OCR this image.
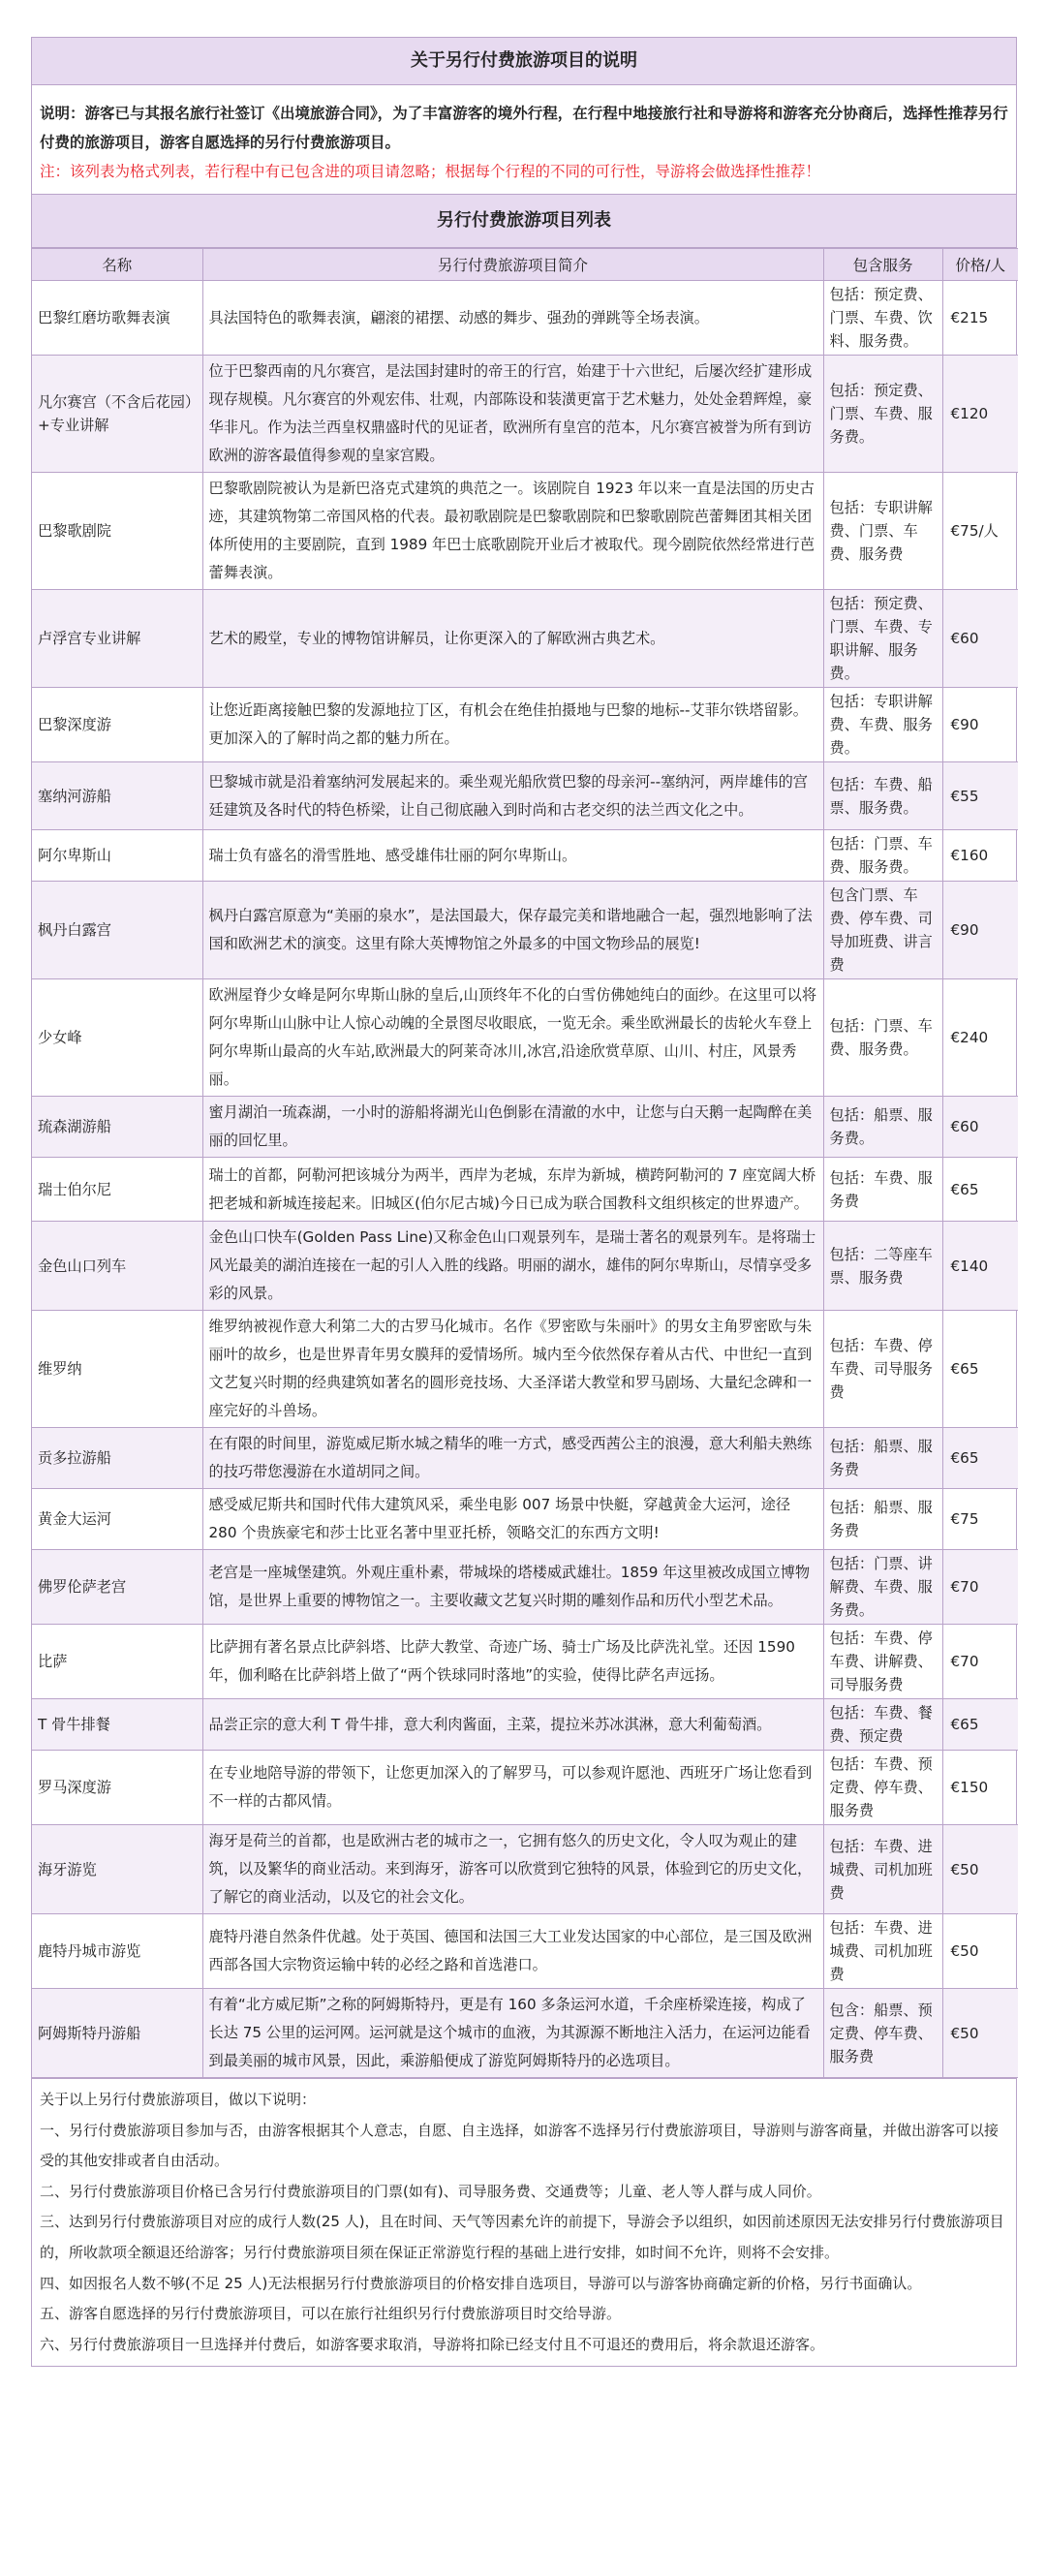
关于另行付费旅游项目的说明
说明：游客已与其报名旅行社签订《出境旅游合同》，为了丰富游客的境外行程，在行程中地接旅行社和导游将和游客充分协商后，选择性推荐另行付费的旅游项目，游客自愿选择的另行付费旅游项目。
注：该列表为格式列表，若行程中有已包含进的项目请忽略；根据每个行程的不同的可行性，导游将会做选择性推荐！
另行付费旅游项目列表
名称	另行付费旅游项目简介	包含服务	价格/人
巴黎红磨坊歌舞表演	具法国特色的歌舞表演，翩滚的裙摆、动感的舞步、强劲的弹跳等全场表演。	包括：预定费、门票、车费、饮料、服务费。	€215
凡尔赛宫（不含后花园）+专业讲解	位于巴黎西南的凡尔赛宫，是法国封建时的帝王的行宫，始建于十六世纪，后屡次经扩建形成现存规模。凡尔赛宫的外观宏伟、壮观，内部陈设和装潢更富于艺术魅力，处处金碧辉煌，豪华非凡。作为法兰西皇权鼎盛时代的见证者，欧洲所有皇宫的范本，凡尔赛宫被誉为所有到访欧洲的游客最值得参观的皇家宫殿。	包括：预定费、门票、车费、服务费。	€120
巴黎歌剧院	巴黎歌剧院被认为是新巴洛克式建筑的典范之一。该剧院自 1923 年以来一直是法国的历史古迹，其建筑物第二帝国风格的代表。最初歌剧院是巴黎歌剧院和巴黎歌剧院芭蕾舞团其相关团体所使用的主要剧院，直到 1989 年巴士底歌剧院开业后才被取代。现今剧院依然经常进行芭蕾舞表演。	包括：专职讲解费、门票、车费、服务费	€75/人
卢浮宫专业讲解	艺术的殿堂，专业的博物馆讲解员，让你更深入的了解欧洲古典艺术。	包括：预定费、门票、车费、专职讲解、服务费。	€60
巴黎深度游	让您近距离接触巴黎的发源地拉丁区，有机会在绝佳拍摄地与巴黎的地标--艾菲尔铁塔留影。更加深入的了解时尚之都的魅力所在。	包括：专职讲解费、车费、服务费。	€90
塞纳河游船	巴黎城市就是沿着塞纳河发展起来的。乘坐观光船欣赏巴黎的母亲河--塞纳河，两岸雄伟的宫廷建筑及各时代的特色桥梁，让自己彻底融入到时尚和古老交织的法兰西文化之中。	包括：车费、船票、服务费。	€55
阿尔卑斯山	瑞士负有盛名的滑雪胜地、感受雄伟壮丽的阿尔卑斯山。	包括：门票、车费、服务费。	€160
枫丹白露宫	枫丹白露宫原意为“美丽的泉水”，是法国最大，保存最完美和谐地融合一起，强烈地影响了法国和欧洲艺术的演变。这里有除大英博物馆之外最多的中国文物珍品的展览!	包含门票、车费、停车费、司导加班费、讲言费	€90
少女峰	欧洲屋脊少女峰是阿尔卑斯山脉的皇后,山顶终年不化的白雪仿佛她纯白的面纱。在这里可以将阿尔卑斯山山脉中让人惊心动魄的全景图尽收眼底，一览无余。乘坐欧洲最长的齿轮火车登上阿尔卑斯山最高的火车站,欧洲最大的阿莱奇冰川,冰宫,沿途欣赏草原、山川、村庄，风景秀丽。	包括：门票、车费、服务费。	€240
琉森湖游船	蜜月湖泊一琉森湖，一小时的游船将湖光山色倒影在清澈的水中，让您与白天鹅一起陶醉在美丽的回忆里。	包括：船票、服务费。	€60
瑞士伯尔尼	瑞士的首都，阿勒河把该城分为两半，西岸为老城，东岸为新城，横跨阿勒河的 7 座宽阔大桥把老城和新城连接起来。旧城区(伯尔尼古城)今日已成为联合国教科文组织核定的世界遗产。	包括：车费、服务费	€65
金色山口列车	金色山口快车(Golden Pass Line)又称金色山口观景列车，是瑞士著名的观景列车。是将瑞士风光最美的湖泊连接在一起的引人入胜的线路。明丽的湖水，雄伟的阿尔卑斯山，尽情享受多彩的风景。	包括：二等座车票、服务费	€140
维罗纳	维罗纳被视作意大利第二大的古罗马化城市。名作《罗密欧与朱丽叶》的男女主角罗密欧与朱丽叶的故乡，也是世界青年男女膜拜的爱情场所。城内至今依然保存着从古代、中世纪一直到文艺复兴时期的经典建筑如著名的圆形竞技场、大圣泽诺大教堂和罗马剧场、大量纪念碑和一座完好的斗兽场。	包括：车费、停车费、司导服务费	€65
贡多拉游船	在有限的时间里，游览威尼斯水城之精华的唯一方式，感受西茜公主的浪漫，意大利船夫熟练的技巧带您漫游在水道胡同之间。	包括：船票、服务费	€65
黄金大运河	感受威尼斯共和国时代伟大建筑风采，乘坐电影 007 场景中快艇，穿越黄金大运河，途径 280 个贵族豪宅和莎士比亚名著中里亚托桥，领略交汇的东西方文明!	包括：船票、服务费	€75
佛罗伦萨老宫	老宫是一座城堡建筑。外观庄重朴素，带城垛的塔楼威武雄壮。1859 年这里被改成国立博物馆，是世界上重要的博物馆之一。主要收藏文艺复兴时期的雕刻作品和历代小型艺术品。	包括：门票、讲解费、车费、服务费。	€70
比萨	比萨拥有著名景点比萨斜塔、比萨大教堂、奇迹广场、骑士广场及比萨洗礼堂。还因 1590 年，伽利略在比萨斜塔上做了“两个铁球同时落地”的实验，使得比萨名声远扬。	包括：车费、停车费、讲解费、司导服务费	€70
T 骨牛排餐	品尝正宗的意大利 T 骨牛排，意大利肉酱面，主菜，提拉米苏冰淇淋，意大利葡萄酒。	包括：车费、餐费、预定费	€65
罗马深度游	在专业地陪导游的带领下，让您更加深入的了解罗马，可以参观许愿池、西班牙广场让您看到不一样的古都风情。	包括：车费、预定费、停车费、服务费	€150
海牙游览	海牙是荷兰的首都，也是欧洲古老的城市之一，它拥有悠久的历史文化，令人叹为观止的建筑，以及繁华的商业活动。来到海牙，游客可以欣赏到它独特的风景，体验到它的历史文化，了解它的商业活动，以及它的社会文化。	包括：车费、进城费、司机加班费	€50
鹿特丹城市游览	鹿特丹港自然条件优越。处于英国、德国和法国三大工业发达国家的中心部位，是三国及欧洲西部各国大宗物资运输中转的必经之路和首选港口。	包括：车费、进城费、司机加班费	€50
阿姆斯特丹游船	有着“北方威尼斯”之称的阿姆斯特丹，更是有 160 多条运河水道，千余座桥梁连接，构成了长达 75 公里的运河网。运河就是这个城市的血液，为其源源不断地注入活力，在运河边能看到最美丽的城市风景，因此，乘游船便成了游览阿姆斯特丹的必选项目。	包含：船票、预定费、停车费、服务费	€50

关于以上另行付费旅游项目，做以下说明：

一、另行付费旅游项目参加与否，由游客根据其个人意志，自愿、自主选择，如游客不选择另行付费旅游项目，导游则与游客商量，并做出游客可以接受的其他安排或者自由活动。

二、另行付费旅游项目价格已含另行付费旅游项目的门票(如有)、司导服务费、交通费等；儿童、老人等人群与成人同价。

三、达到另行付费旅游项目对应的成行人数(25 人)，且在时间、天气等因素允许的前提下，导游会予以组织，如因前述原因无法安排另行付费旅游项目的，所收款项全额退还给游客；另行付费旅游项目须在保证正常游览行程的基础上进行安排，如时间不允许，则将不会安排。

四、如因报名人数不够(不足 25 人)无法根据另行付费旅游项目的价格安排自选项目，导游可以与游客协商确定新的价格，另行书面确认。

五、游客自愿选择的另行付费旅游项目，可以在旅行社组织另行付费旅游项目时交给导游。

六、另行付费旅游项目一旦选择并付费后，如游客要求取消，导游将扣除已经支付且不可退还的费用后，将余款退还游客。
